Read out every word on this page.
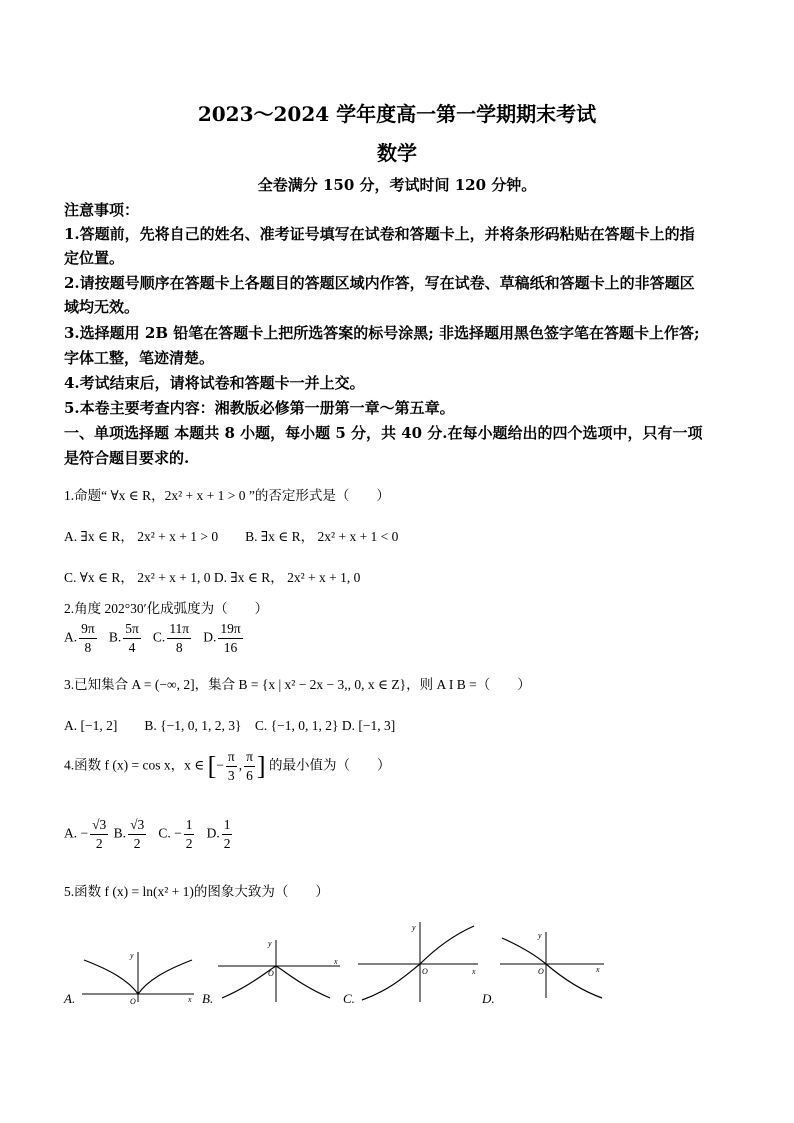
2023～2024 学年度高一第一学期期末考试
数学
全卷满分 150 分，考试时间 120 分钟。
注意事项：
1.答题前，先将自己的姓名、准考证号填写在试卷和答题卡上，并将条形码粘贴在答题卡上的指
定位置。
2.请按题号顺序在答题卡上各题目的答题区域内作答，写在试卷、草稿纸和答题卡上的非答题区
域均无效。
3.选择题用 2B 铅笔在答题卡上把所选答案的标号涂黑; 非选择题用黑色签字笔在答题卡上作答;
字体工整，笔迹清楚。
4.考试结束后，请将试卷和答题卡一并上交。
5.本卷主要考查内容：湘教版必修第一册第一章～第五章。
一、单项选择题 本题共 8 小题，每小题 5 分，共 40 分.在每小题给出的四个选项中，只有一项
是符合题目要求的.
1.命题“ ∀x ∈ R，2x² + x + 1 > 0 ”的否定形式是（　　）
A. ∃x ∈ R， 2x² + x + 1 > 0　　B. ∃x ∈ R， 2x² + x + 1 < 0
C. ∀x ∈ R， 2x² + x + 1, 0 D. ∃x ∈ R， 2x² + x + 1, 0
2.角度 202°30′化成弧度为（　　）
A. $\frac{9\pi}{8} B$. $\frac{5\pi}{4} C$. $\frac{11\pi}{8} D$. $\frac{19\pi}{16}$
3.已知集合 A = (−∞, 2]，集合 B = {x | x² − 2x − 3,, 0, x ∈ Z}，则 A I B =（　　）
A. [−1, 2]　　B. {−1, 0, 1, 2, 3}　C. {−1, 0, 1, 2} D. [−1, 3]
4.函数 f (x) = cos x，x ∈ [− $\frac{\pi}{3}$ , $\frac{\pi}{6}$ ] 的最小值为（　　）
A. − $\frac{√3}{2} B$. $\frac{√3}{2} C$. − $\frac{1}{2} D$. $\frac{1}{2}$
5.函数 f (x) = ln(x² + 1)的图象大致为（　　）
y
O	x
A.
y
O
x
B.
y
O	x
C.
y
O	x
D.
